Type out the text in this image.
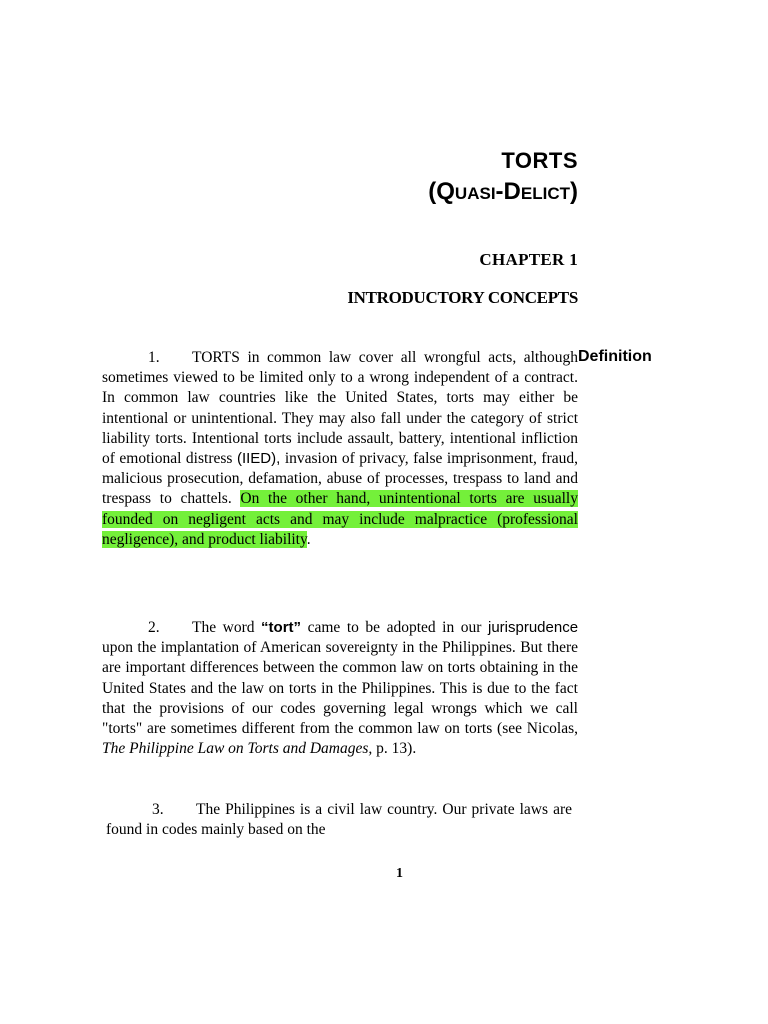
TORTS
(QUASI-DELICT)
CHAPTER 1
INTRODUCTORY CONCEPTS
Definition
1. TORTS in common law cover all wrongful acts, although sometimes viewed to be limited only to a wrong independent of a contract. In common law countries like the United States, torts may either be intentional or unintentional. They may also fall under the category of strict liability torts. Intentional torts include assault, battery, intentional infliction of emotional distress (IIED), invasion of privacy, false imprisonment, fraud, malicious prosecution, defamation, abuse of processes, trespass to land and trespass to chattels. On the other hand, unintentional torts are usually founded on negligent acts and may include malpractice (professional negligence), and product liability.
2. The word “tort” came to be adopted in our jurisprudence upon the implantation of American sovereignty in the Philippines. But there are important differences between the common law on torts obtaining in the United States and the law on torts in the Philippines. This is due to the fact that the provisions of our codes governing legal wrongs which we call "torts" are sometimes different from the common law on torts (see Nicolas, The Philippine Law on Torts and Damages, p. 13).
3. The Philippines is a civil law country. Our private laws are found in codes mainly based on the
1
